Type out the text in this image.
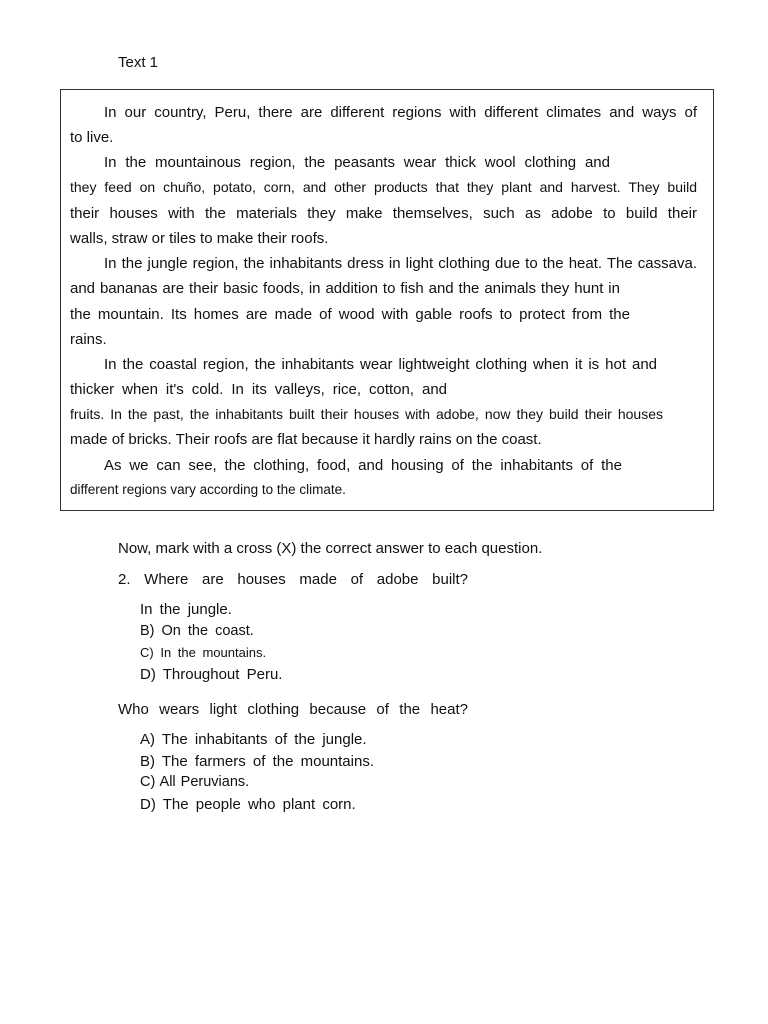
Text 1
In our country, Peru, there are different regions with different climates and ways of
to live.
In the mountainous region, the peasants wear thick wool clothing and
they feed on chuño, potato, corn, and other products that they plant and harvest. They build
their houses with the materials they make themselves, such as adobe to build their
walls, straw or tiles to make their roofs.
In the jungle region, the inhabitants dress in light clothing due to the heat. The cassava.
and bananas are their basic foods, in addition to fish and the animals they hunt in
the mountain. Its homes are made of wood with gable roofs to protect from the
rains.
In the coastal region, the inhabitants wear lightweight clothing when it is hot and
thicker when it's cold. In its valleys, rice, cotton, and
fruits. In the past, the inhabitants built their houses with adobe, now they build their houses
made of bricks. Their roofs are flat because it hardly rains on the coast.
As we can see, the clothing, food, and housing of the inhabitants of the
different regions vary according to the climate.
Now, mark with a cross (X) the correct answer to each question.
2. Where are houses made of adobe built?
In the jungle.
B) On the coast.
C) In the mountains.
D) Throughout Peru.
Who wears light clothing because of the heat?
A) The inhabitants of the jungle.
B) The farmers of the mountains.
C) All Peruvians.
D) The people who plant corn.
